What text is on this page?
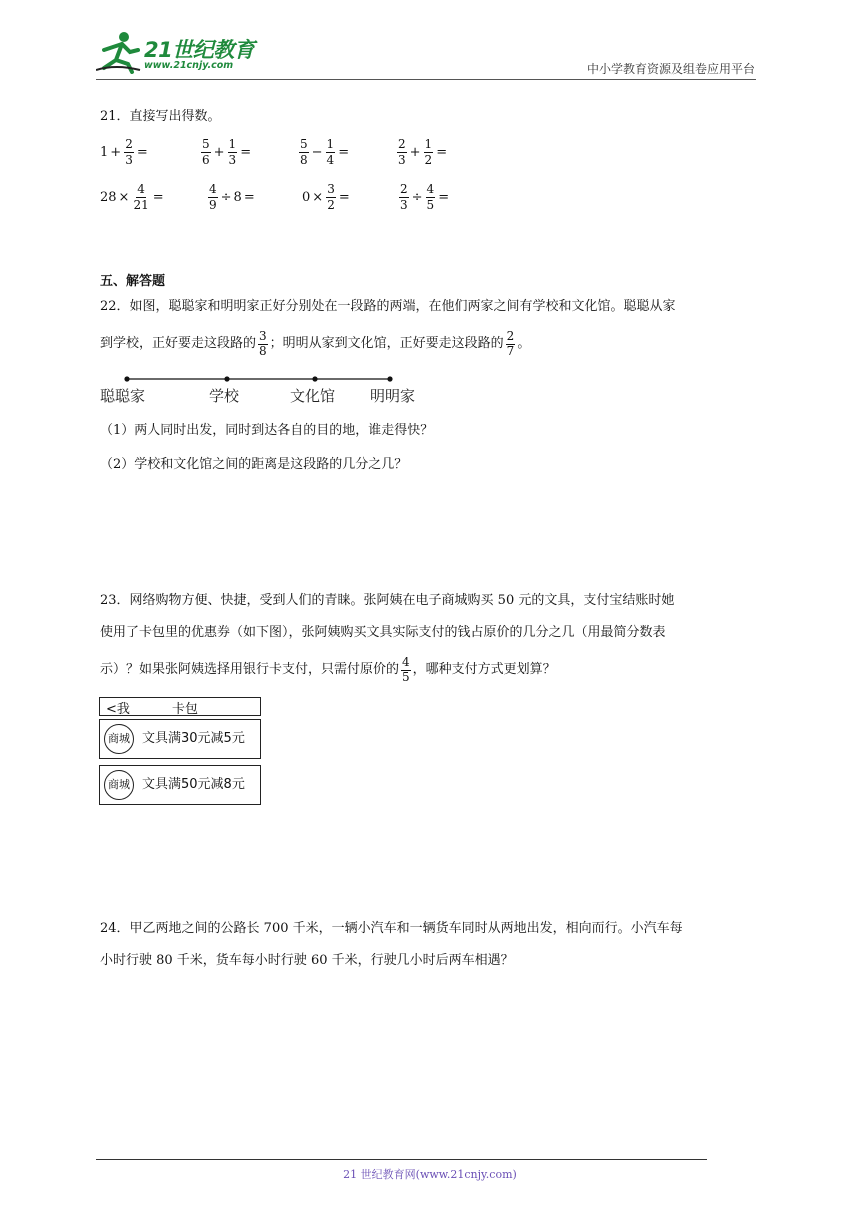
21世纪教育
www.21cnjy.com	中小学教育资源及组卷应用平台
21．直接写出得数。
$1 + \frac{2}{3}$ =	$\frac{5}{6} + \frac{1}{3}$ =	$\frac{5}{8} - \frac{1}{4}$ =	$\frac{2}{3} + \frac{1}{2}$ =
$28 \times \frac{4}{21}$ =	$\frac{4}{9} \div 8$ =	$0 \times \frac{3}{2}$ =	$\frac{2}{3} \div \frac{4}{5}$ =
五、解答题
22．如图，聪聪家和明明家正好分别处在一段路的两端，在他们两家之间有学校和文化馆。聪聪从家
到学校，正好要走这段路的 $\frac{3}{8}$ ；明明从家到文化馆，正好要走这段路的 $\frac{2}{7}$ 。
聪聪家	学校	文化馆 明明家
（1）两人同时出发，同时到达各自的目的地，谁走得快？
（2）学校和文化馆之间的距离是这段路的几分之几？
23．网络购物方便、快捷，受到人们的青睐。张阿姨在电子商城购买 50 元的文具，支付宝结账时她
使用了卡包里的优惠券（如下图），张阿姨购买文具实际支付的钱占原价的几分之几（用最简分数表
示）？如果张阿姨选择用银行卡支付，只需付原价的 $\frac{4}{5}$ ，哪种支付方式更划算？
<我	卡包
商城 文具满30元减5元
商城 文具满50元减8元
24．甲乙两地之间的公路长 700 千米，一辆小汽车和一辆货车同时从两地出发，相向而行。小汽车每
小时行驶 80 千米，货车每小时行驶 60 千米，行驶几小时后两车相遇？
21 世纪教育网(www.21cnjy.com)
